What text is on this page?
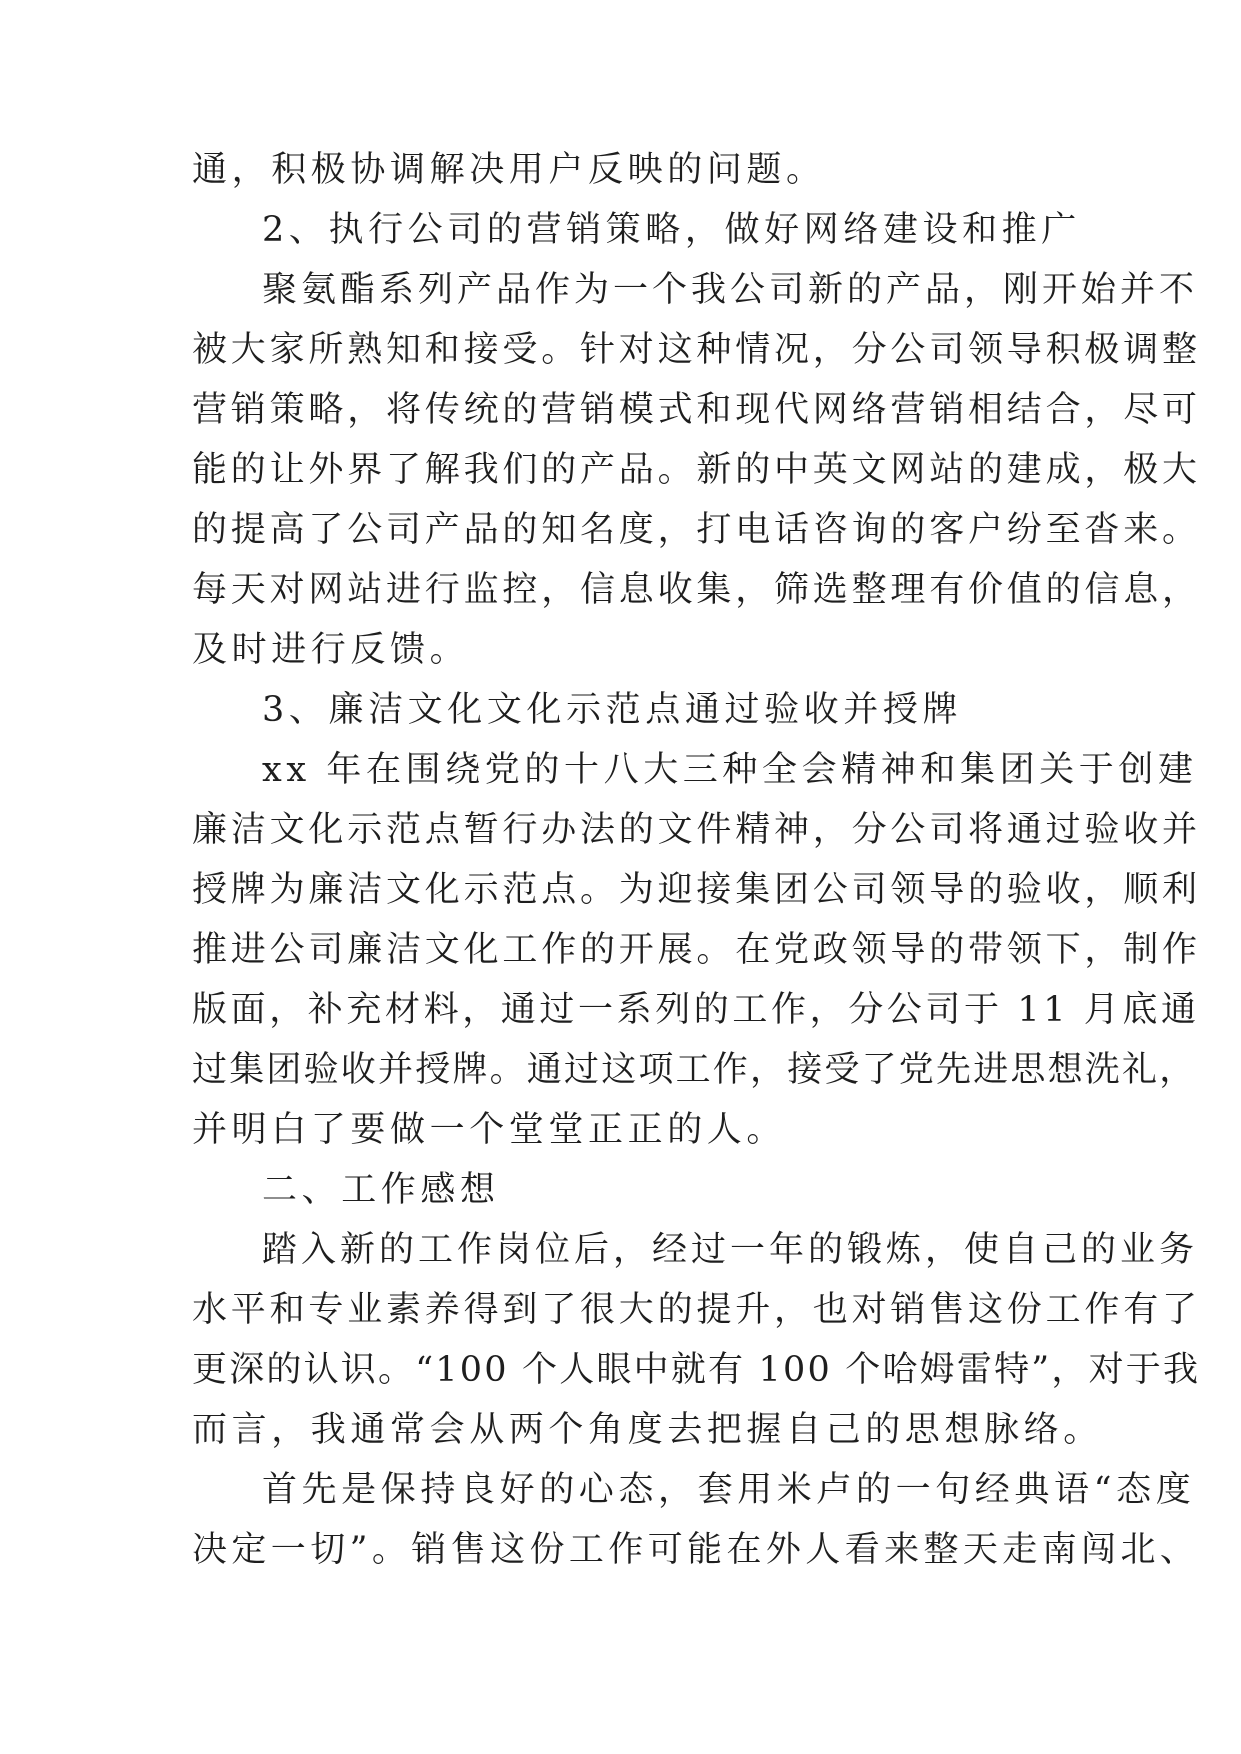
通，积极协调解决用户反映的问题。
2、执行公司的营销策略，做好网络建设和推广
聚氨酯系列产品作为一个我公司新的产品，刚开始并不
被大家所熟知和接受。针对这种情况，分公司领导积极调整
营销策略，将传统的营销模式和现代网络营销相结合，尽可
能的让外界了解我们的产品。新的中英文网站的建成，极大
的提高了公司产品的知名度，打电话咨询的客户纷至沓来。
每天对网站进行监控，信息收集，筛选整理有价值的信息，
及时进行反馈。
3、廉洁文化文化示范点通过验收并授牌
xx 年在围绕党的十八大三种全会精神和集团关于创建
廉洁文化示范点暂行办法的文件精神，分公司将通过验收并
授牌为廉洁文化示范点。为迎接集团公司领导的验收，顺利
推进公司廉洁文化工作的开展。在党政领导的带领下，制作
版面，补充材料，通过一系列的工作，分公司于 11 月底通
过集团验收并授牌。通过这项工作，接受了党先进思想洗礼，
并明白了要做一个堂堂正正的人。
二、工作感想
踏入新的工作岗位后，经过一年的锻炼，使自己的业务
水平和专业素养得到了很大的提升，也对销售这份工作有了
更深的认识。“100 个人眼中就有 100 个哈姆雷特”，对于我
而言，我通常会从两个角度去把握自己的思想脉络。
首先是保持良好的心态，套用米卢的一句经典语“态度
决定一切”。销售这份工作可能在外人看来整天走南闯北、
